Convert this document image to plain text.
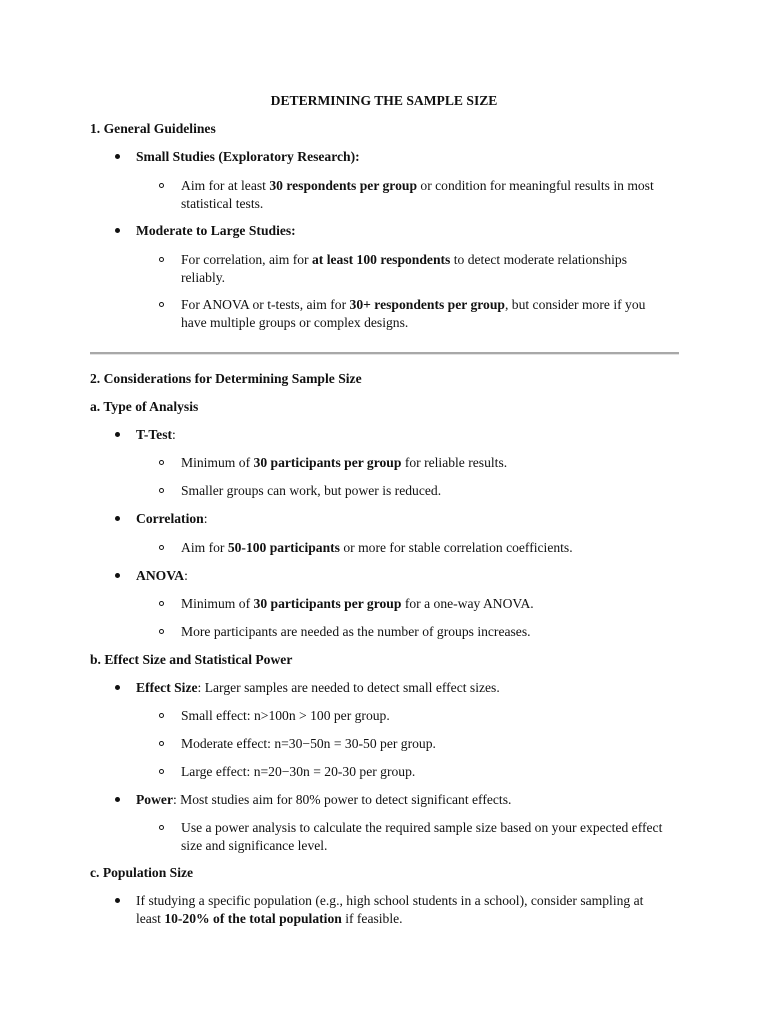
DETERMINING THE SAMPLE SIZE
1. General Guidelines
Small Studies (Exploratory Research):
Aim for at least 30 respondents per group or condition for meaningful results in most statistical tests.
Moderate to Large Studies:
For correlation, aim for at least 100 respondents to detect moderate relationships reliably.
For ANOVA or t-tests, aim for 30+ respondents per group, but consider more if you have multiple groups or complex designs.
2. Considerations for Determining Sample Size
a. Type of Analysis
T-Test:
Minimum of 30 participants per group for reliable results.
Smaller groups can work, but power is reduced.
Correlation:
Aim for 50-100 participants or more for stable correlation coefficients.
ANOVA:
Minimum of 30 participants per group for a one-way ANOVA.
More participants are needed as the number of groups increases.
b. Effect Size and Statistical Power
Effect Size: Larger samples are needed to detect small effect sizes.
Small effect: n>100n > 100 per group.
Moderate effect: n=30−50n = 30-50 per group.
Large effect: n=20−30n = 20-30 per group.
Power: Most studies aim for 80% power to detect significant effects.
Use a power analysis to calculate the required sample size based on your expected effect size and significance level.
c. Population Size
If studying a specific population (e.g., high school students in a school), consider sampling at least 10-20% of the total population if feasible.
